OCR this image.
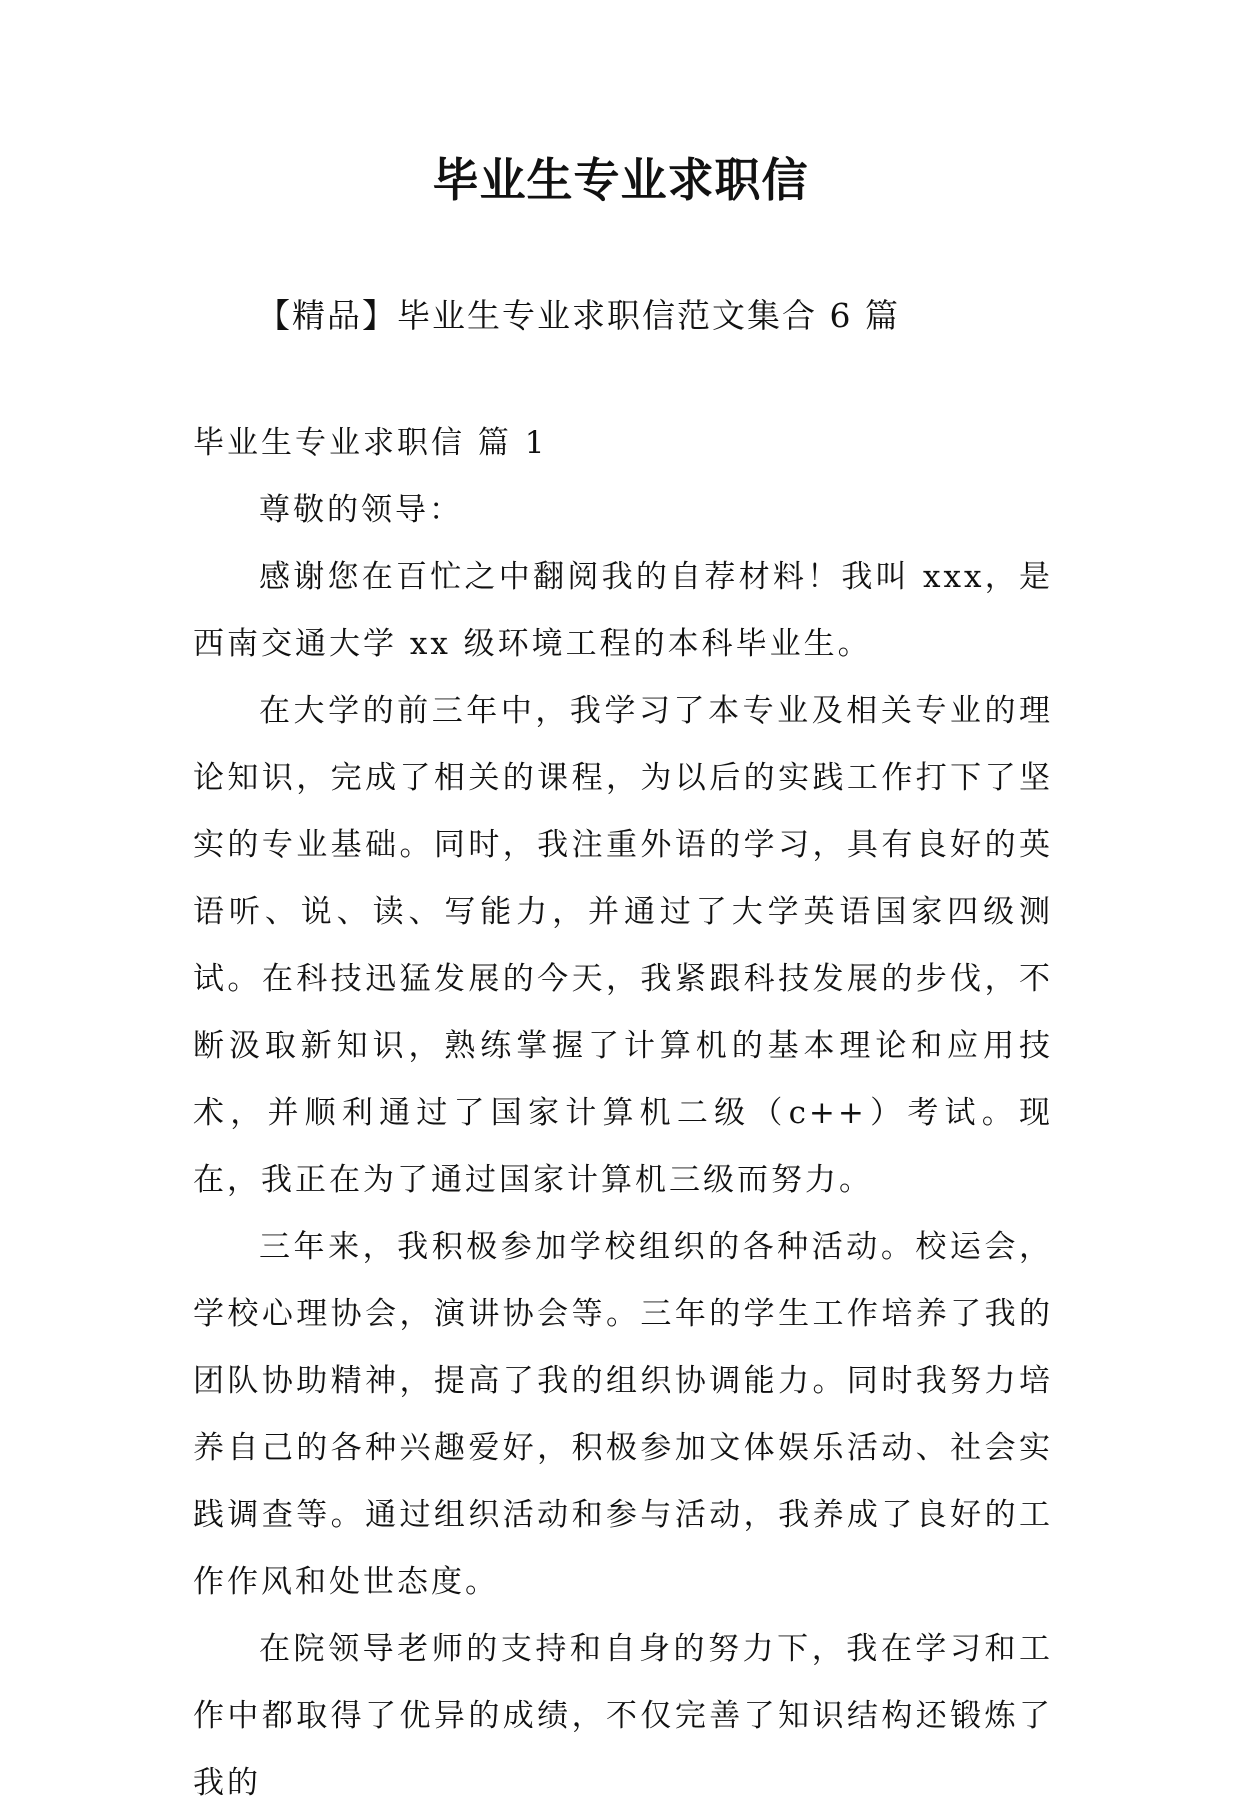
毕业生专业求职信

【精品】毕业生专业求职信范文集合 6 篇

毕业生专业求职信 篇 1

尊敬的领导：

感谢您在百忙之中翻阅我的自荐材料！我叫 xxx，是西南交通大学 xx 级环境工程的本科毕业生。

在大学的前三年中，我学习了本专业及相关专业的理论知识，完成了相关的课程，为以后的实践工作打下了坚实的专业基础。同时，我注重外语的学习，具有良好的英语听、说、读、写能力，并通过了大学英语国家四级测试。在科技迅猛发展的今天，我紧跟科技发展的步伐，不断汲取新知识，熟练掌握了计算机的基本理论和应用技术，并顺利通过了国家计算机二级（c++）考试。现在，我正在为了通过国家计算机三级而努力。

三年来，我积极参加学校组织的各种活动。校运会，学校心理协会，演讲协会等。三年的学生工作培养了我的团队协助精神，提高了我的组织协调能力。同时我努力培养自己的各种兴趣爱好，积极参加文体娱乐活动、社会实践调查等。通过组织活动和参与活动，我养成了良好的工作作风和处世态度。

在院领导老师的支持和自身的努力下，我在学习和工作中都取得了优异的成绩，不仅完善了知识结构还锻炼了我的
